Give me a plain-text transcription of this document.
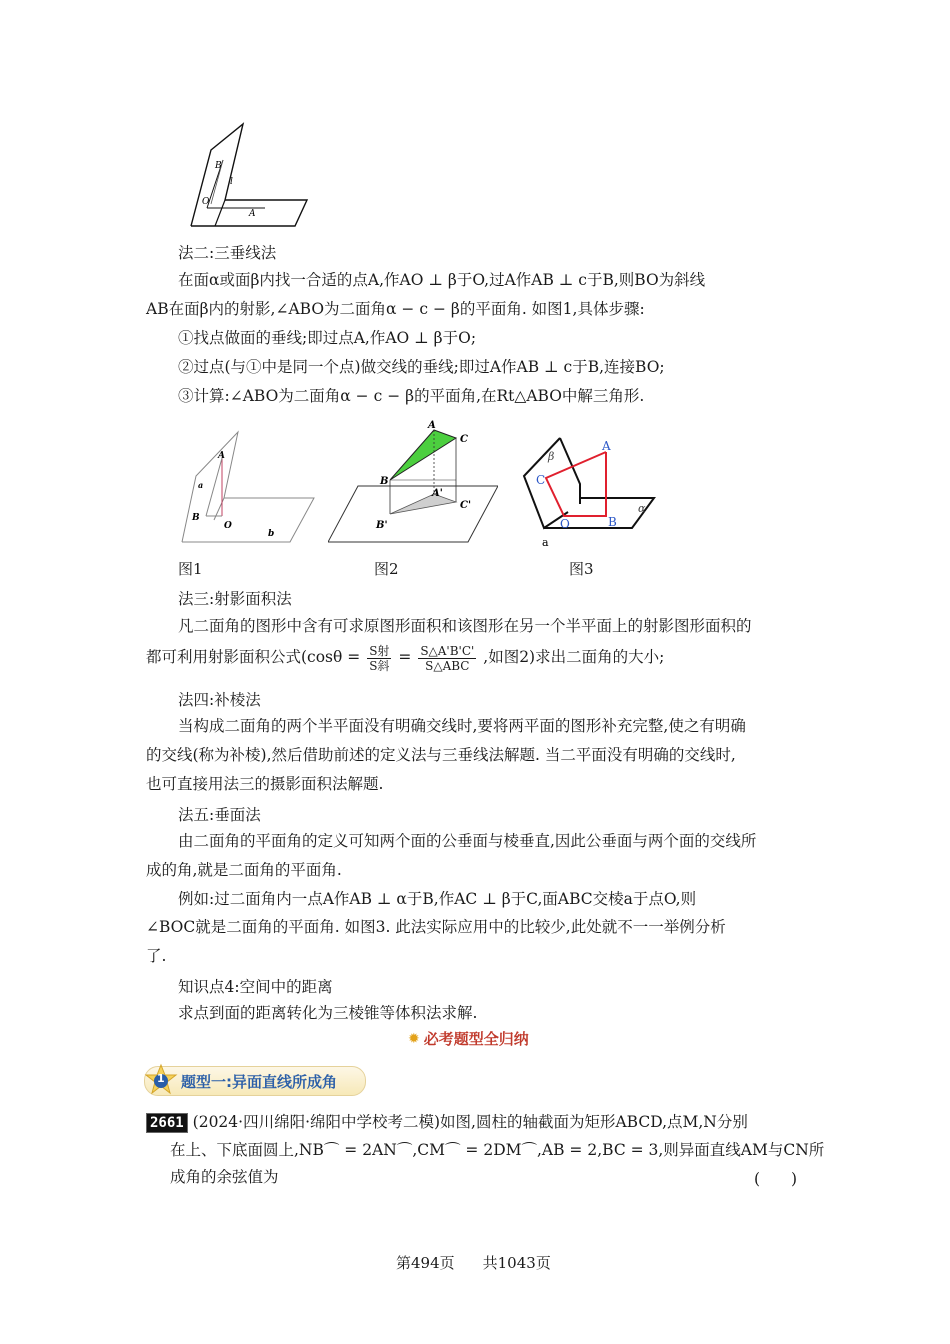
B
l
O
A
法二:三垂线法
在面α或面β内找一合适的点A,作AO ⊥ β于O,过A作AB ⊥ c于B,则BO为斜线
AB在面β内的射影,∠ABO为二面角α − c − β的平面角. 如图1,具体步骤:
①找点做面的垂线;即过点A,作AO ⊥ β于O;
②过点(与①中是同一个点)做交线的垂线;即过A作AB ⊥ c于B,连接BO;
③计算:∠ABO为二面角α − c − β的平面角,在Rt△ABO中解三角形.
A
a
B
O
b
A
C
B
A'
B'
C'
A
C
O	B
a
β
α
图1	图2	图3
法三:射影面积法
凡二面角的图形中含有可求原图形面积和该图形在另一个半平面上的射影图形面积的
都可利用射影面积公式($\cos\theta = \frac{\text{S射}}{\text{S斜}} = \frac{S\triangle A'B'C'}{\text{S△ABC}}$ ,如图2)求出二面角的大小;
法四:补棱法
当构成二面角的两个半平面没有明确交线时,要将两平面的图形补充完整,使之有明确
的交线(称为补棱),然后借助前述的定义法与三垂线法解题. 当二平面没有明确的交线时,
也可直接用法三的摄影面积法解题.
法五:垂面法
由二面角的平面角的定义可知两个面的公垂面与棱垂直,因此公垂面与两个面的交线所
成的角,就是二面角的平面角.
例如:过二面角内一点A作AB ⊥ α于B,作AC ⊥ β于C,面ABC交棱a于点O,则
∠BOC就是二面角的平面角. 如图3. 此法实际应用中的比较少,此处就不一一举例分析
了.
知识点4:空间中的距离
求点到面的距离转化为三棱锥等体积法求解.
✹ 必考题型全归纳
1 题型一:异面直线所成角
2661 (2024·四川绵阳·绵阳中学校考二模)如图,圆柱的轴截面为矩形ABCD,点M,N分别
在上、下底面圆上,NB⌒ = 2AN⌒,CM⌒ = 2DM⌒,AB = 2,BC = 3,则异面直线AM与CN所
成角的余弦值为	(　　)
第494页 共1043页
